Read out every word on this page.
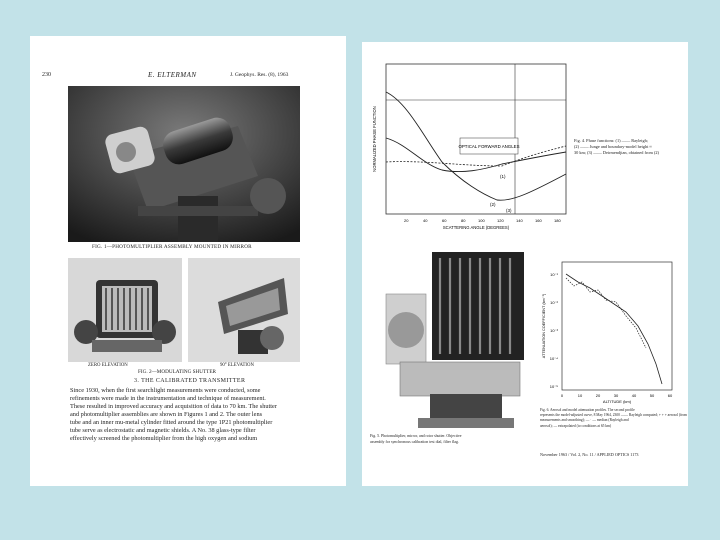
230	E. ELTERMAN	J. Geophys. Res. (8), 1963
FIG. 1—PHOTOMULTIPLIER ASSEMBLY MOUNTED IN MIRROR
ZERO ELEVATION	90° ELEVATION
FIG. 2—MODULATING SHUTTER
3. THE CALIBRATED TRANSMITTER
Since 1930, when the first searchlight measurements were conducted, some
refinements were made in the instrumentation and technique of measurement.
These resulted in improved accuracy and acquisition of data to 70 km. The shutter
and photomultiplier assemblies are shown in Figures 1 and 2. The outer lens
tube and an inner mu-metal cylinder fitted around the type 1P21 photomultiplier
tube serve as electrostatic and magnetic shields. A No. 38 glass-type filter
effectively screened the photomultiplier from the high oxygen and sodium
OPTICAL FORWARD ANGLES
(1)
(2)
(3)
20	40	60	80	100	120	140	160	180
SCATTERING ANGLE (DEGREES)
NORMALIZED PHASE FUNCTION	Fig. 4. Phase functions: (1) —— Rayleigh;
(2) —— Junge and boundary-model height ≈
30 km; (3) —— Deirmendjian, obtained from (2)
Fig. 5. Photomultiplier, mirror, and rotor shutter. Objective
assembly for synchronous calibration test dial, filter flag.
10⁻¹
10⁻²
10⁻³
10⁻⁴
10⁻⁵
0	10	20	30	40	50	60
ALTITUDE (km)
ATTENUATION COEFFICIENT (km⁻¹)
Fig. 6. Aerosol and model attenuation profiles. The second profile
represents the model-adjusted curve, 8 May 1964, 2300 —— Rayleigh computed; + + + aerosol (from
measurements and smoothing); — · — median (Rayleigh and
aerosol); — extrapolated (to conditions at 65 km)
November 1963 / Vol. 2, No. 11 / APPLIED OPTICS 1173
